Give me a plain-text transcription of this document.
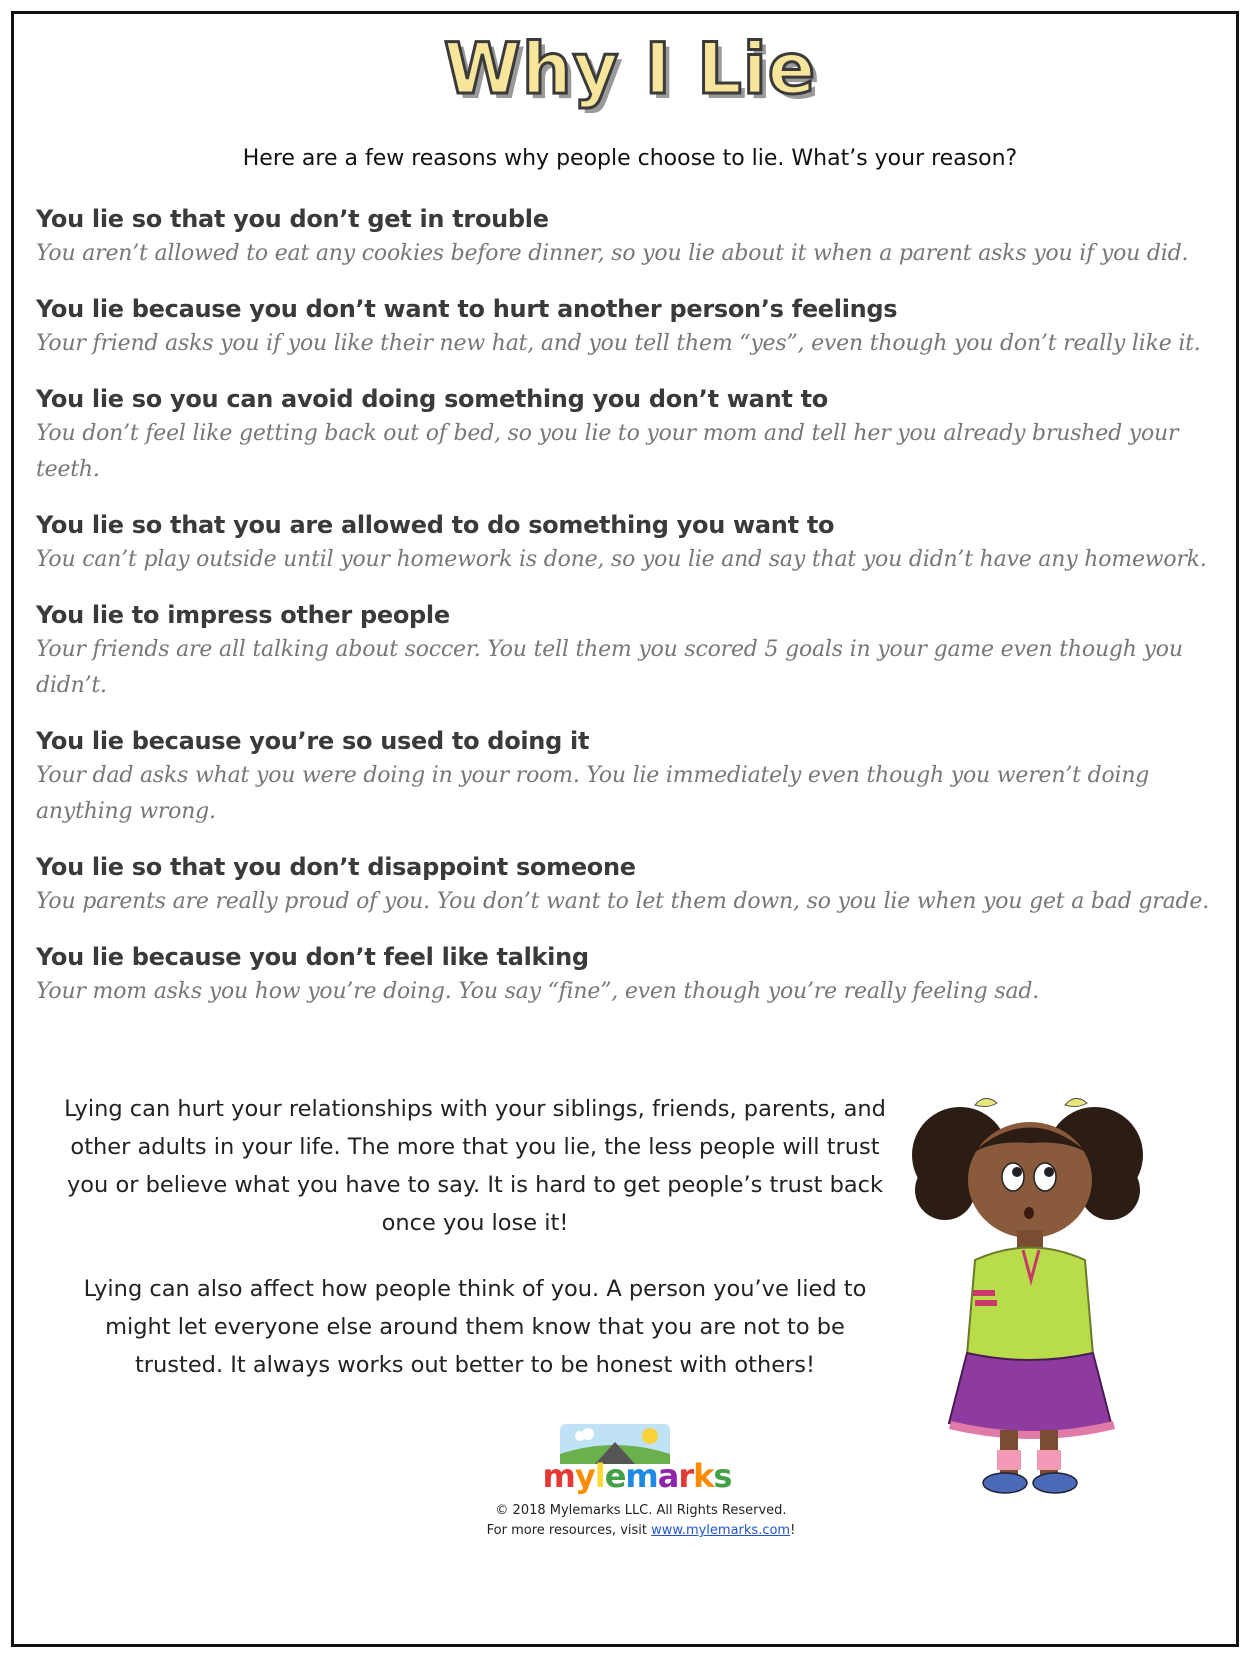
Why I Lie
Here are a few reasons why people choose to lie. What’s your reason?
You lie so that you don’t get in trouble
You aren’t allowed to eat any cookies before dinner, so you lie about it when a parent asks you if you did.
You lie because you don’t want to hurt another person’s feelings
Your friend asks you if you like their new hat, and you tell them “yes”, even though you don’t really like it.
You lie so you can avoid doing something you don’t want to
You don’t feel like getting back out of bed, so you lie to your mom and tell her you already brushed your teeth.
You lie so that you are allowed to do something you want to
You can’t play outside until your homework is done, so you lie and say that you didn’t have any homework.
You lie to impress other people
Your friends are all talking about soccer. You tell them you scored 5 goals in your game even though you didn’t.
You lie because you’re so used to doing it
Your dad asks what you were doing in your room. You lie immediately even though you weren’t doing anything wrong.
You lie so that you don’t disappoint someone
You parents are really proud of you. You don’t want to let them down, so you lie when you get a bad grade.
You lie because you don’t feel like talking
Your mom asks you how you’re doing. You say “fine”, even though you’re really feeling sad.
Lying can hurt your relationships with your siblings, friends, parents, and other adults in your life. The more that you lie, the less people will trust you or believe what you have to say. It is hard to get people’s trust back once you lose it!
Lying can also affect how people think of you. A person you’ve lied to might let everyone else around them know that you are not to be trusted. It always works out better to be honest with others!
mylemarks
© 2018 Mylemarks LLC. All Rights Reserved.
For more resources, visit www.mylemarks.com!
